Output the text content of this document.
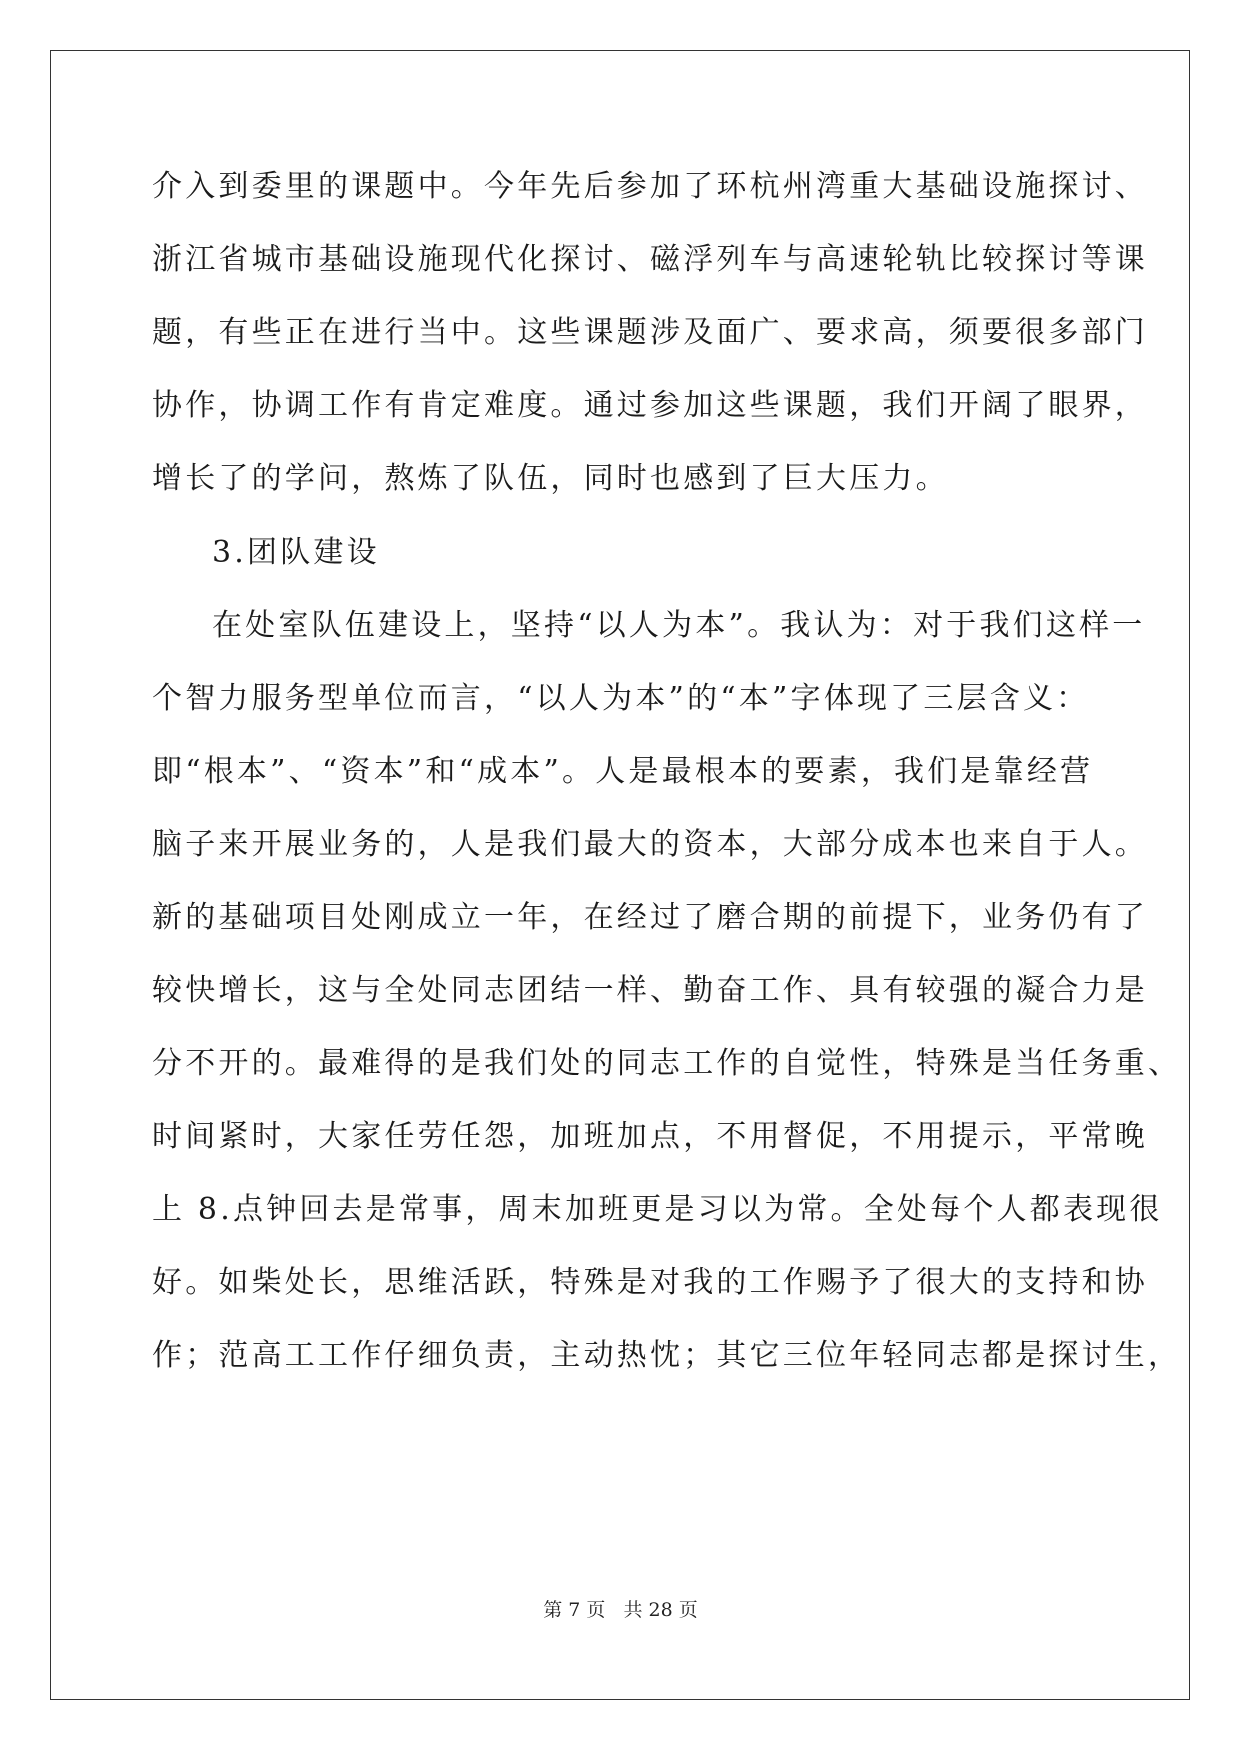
介入到委里的课题中。今年先后参加了环杭州湾重大基础设施探讨、
浙江省城市基础设施现代化探讨、磁浮列车与高速轮轨比较探讨等课
题，有些正在进行当中。这些课题涉及面广、要求高，须要很多部门
协作，协调工作有肯定难度。通过参加这些课题，我们开阔了眼界，
增长了的学问，熬炼了队伍，同时也感到了巨大压力。
3.团队建设
在处室队伍建设上，坚持“以人为本”。我认为：对于我们这样一
个智力服务型单位而言，“以人为本”的“本”字体现了三层含义：
即“根本”、“资本”和“成本”。人是最根本的要素，我们是靠经营
脑子来开展业务的，人是我们最大的资本，大部分成本也来自于人。
新的基础项目处刚成立一年，在经过了磨合期的前提下，业务仍有了
较快增长，这与全处同志团结一样、勤奋工作、具有较强的凝合力是
分不开的。最难得的是我们处的同志工作的自觉性，特殊是当任务重、
时间紧时，大家任劳任怨，加班加点，不用督促，不用提示，平常晚
上 8.点钟回去是常事，周末加班更是习以为常。全处每个人都表现很
好。如柴处长，思维活跃，特殊是对我的工作赐予了很大的支持和协
作；范高工工作仔细负责，主动热忱；其它三位年轻同志都是探讨生，
第 7 页 共 28 页
